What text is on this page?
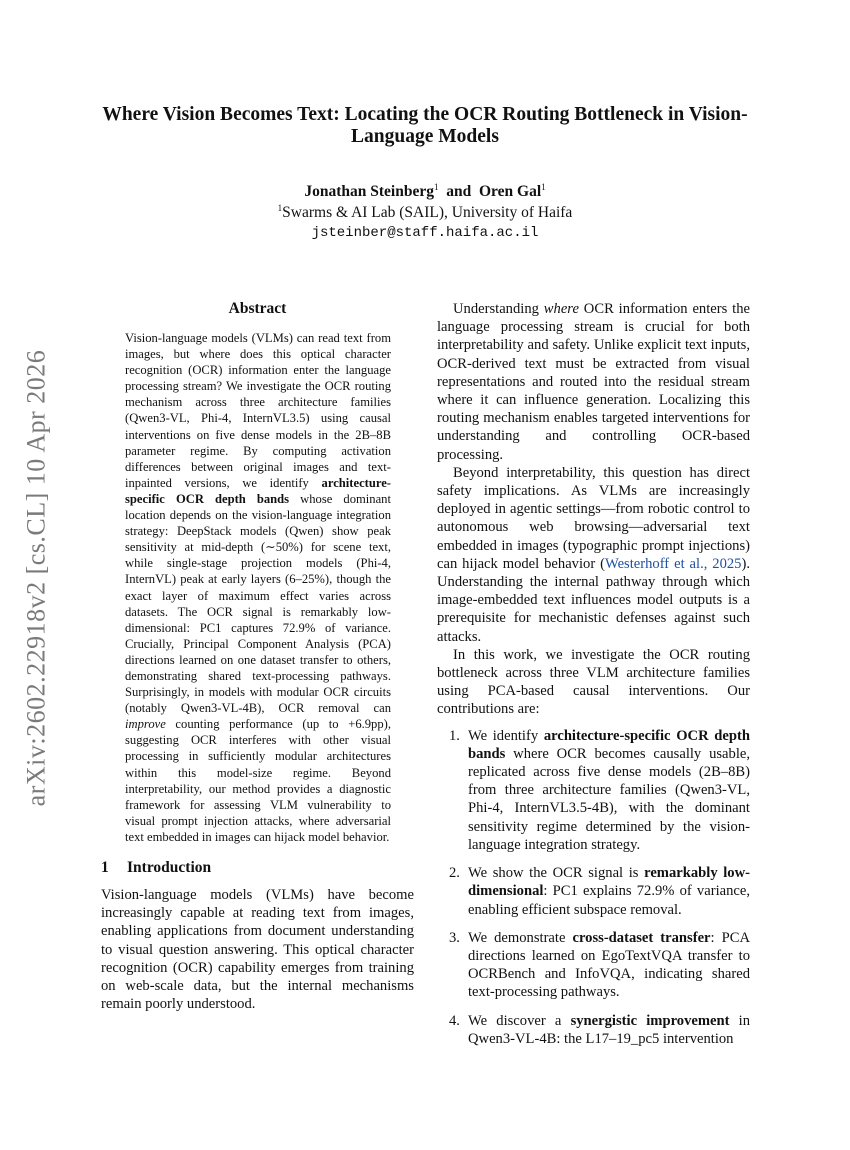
arXiv:2602.22918v2 [cs.CL] 10 Apr 2026
Where Vision Becomes Text: Locating the OCR Routing Bottleneck in Vision-Language Models
Jonathan Steinberg$^1$ and Oren Gal$^1$
$^1$Swarms & AI Lab (SAIL), University of Haifa
jsteinber@staff.haifa.ac.il
Abstract

Vision-language models (VLMs) can read text from images, but where does this optical character recognition (OCR) information enter the language processing stream? We investigate the OCR routing mechanism across three architecture families (Qwen3-VL, Phi-4, InternVL3.5) using causal interventions on five dense models in the 2B–8B parameter regime. By computing activation differences between original images and text-inpainted versions, we identify architecture-specific OCR depth bands whose dominant location depends on the vision-language integration strategy: DeepStack models (Qwen) show peak sensitivity at mid-depth (∼50%) for scene text, while single-stage projection models (Phi-4, InternVL) peak at early layers (6–25%), though the exact layer of maximum effect varies across datasets. The OCR signal is remarkably low-dimensional: PC1 captures 72.9% of variance. Crucially, Principal Component Analysis (PCA) directions learned on one dataset transfer to others, demonstrating shared text-processing pathways. Surprisingly, in models with modular OCR circuits (notably Qwen3-VL-4B), OCR removal can improve counting performance (up to +6.9pp), suggesting OCR interferes with other visual processing in sufficiently modular architectures within this model-size regime. Beyond interpretability, our method provides a diagnostic framework for assessing VLM vulnerability to visual prompt injection attacks, where adversarial text embedded in images can hijack model behavior.

1 Introduction

Vision-language models (VLMs) have become increasingly capable at reading text from images, enabling applications from document understanding to visual question answering. This optical character recognition (OCR) capability emerges from training on web-scale data, but the internal mechanisms remain poorly understood.

Understanding where OCR information enters the language processing stream is crucial for both interpretability and safety. Unlike explicit text inputs, OCR-derived text must be extracted from visual representations and routed into the residual stream where it can influence generation. Localizing this routing mechanism enables targeted interventions for understanding and controlling OCR-based processing.

Beyond interpretability, this question has direct safety implications. As VLMs are increasingly deployed in agentic settings—from robotic control to autonomous web browsing—adversarial text embedded in images (typographic prompt injections) can hijack model behavior (Westerhoff et al., 2025). Understanding the internal pathway through which image-embedded text influences model outputs is a prerequisite for mechanistic defenses against such attacks.

In this work, we investigate the OCR routing bottleneck across three VLM architecture families using PCA-based causal interventions. Our contributions are:

1. We identify architecture-specific OCR depth bands where OCR becomes causally usable, replicated across five dense models (2B–8B) from three architecture families (Qwen3-VL, Phi-4, InternVL3.5-4B), with the dominant sensitivity regime determined by the vision-language integration strategy.
2. We show the OCR signal is remarkably low-dimensional: PC1 explains 72.9% of variance, enabling efficient subspace removal.
3. We demonstrate cross-dataset transfer: PCA directions learned on EgoTextVQA transfer to OCRBench and InfoVQA, indicating shared text-processing pathways.
4. We discover a synergistic improvement in Qwen3-VL-4B: the L17–19_pc5 intervention
